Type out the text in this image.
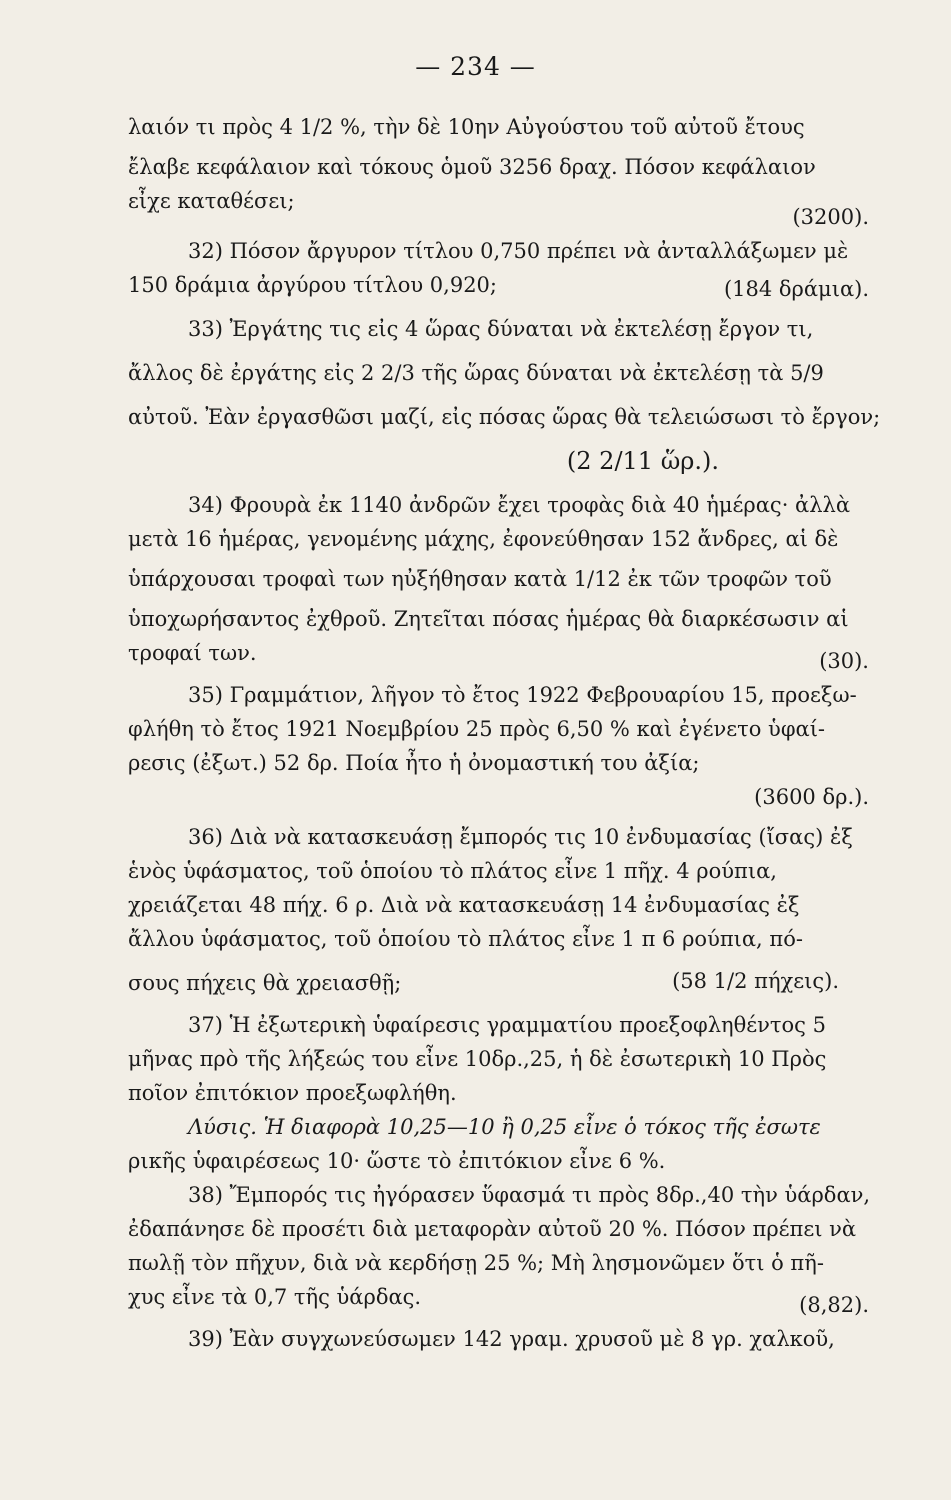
— 234 —
λαιόν τι πρὸς 4 1/2 %, τὴν δὲ 10ην Αὐγούστου τοῦ αὐτοῦ ἔτους
ἔλαβε κεφάλαιον καὶ τόκους ὁμοῦ 3256 δραχ. Πόσον κεφάλαιον
εἶχε καταθέσει;
(3200).
32) Πόσον ἄργυρον τίτλου 0,750 πρέπει νὰ ἀνταλλάξωμεν μὲ
150 δράμια ἀργύρου τίτλου 0,920;	(184 δράμια).
33) Ἐργάτης τις εἰς 4 ὥρας δύναται νὰ ἐκτελέσῃ ἔργον τι,
ἄλλος δὲ ἐργάτης εἰς 2 2/3 τῆς ὥρας δύναται νὰ ἐκτελέσῃ τὰ 5/9
αὐτοῦ. Ἐὰν ἐργασθῶσι μαζί, εἰς πόσας ὥρας θὰ τελειώσωσι τὸ ἔργον;
(2 2/11 ὥρ.).
34) Φρουρὰ ἐκ 1140 ἀνδρῶν ἔχει τροφὰς διὰ 40 ἡμέρας· ἀλλὰ
μετὰ 16 ἡμέρας, γενομένης μάχης, ἐφονεύθησαν 152 ἄνδρες, αἱ δὲ
ὑπάρχουσαι τροφαὶ των ηὐξήθησαν κατὰ 1/12 ἐκ τῶν τροφῶν τοῦ
ὑποχωρήσαντος ἐχθροῦ. Ζητεῖται πόσας ἡμέρας θὰ διαρκέσωσιν αἱ
τροφαί των.	(30).
35) Γραμμάτιον, λῆγον τὸ ἔτος 1922 Φεβρουαρίου 15, προεξω-
φλήθη τὸ ἔτος 1921 Νοεμβρίου 25 πρὸς 6,50 % καὶ ἐγένετο ὑφαί-
ρεσις (ἐξωτ.) 52 δρ. Ποία ἦτο ἡ ὀνομαστική του ἀξία;
(3600 δρ.).
36) Διὰ νὰ κατασκευάσῃ ἔμπορός τις 10 ἐνδυμασίας (ἴσας) ἐξ
ἑνὸς ὑφάσματος, τοῦ ὁποίου τὸ πλάτος εἶνε 1 πῆχ. 4 ρούπια,
χρειάζεται 48 πήχ. 6 ρ. Διὰ νὰ κατασκευάσῃ 14 ἐνδυμασίας ἐξ
ἄλλου ὑφάσματος, τοῦ ὁποίου τὸ πλάτος εἶνε 1 π 6 ρούπια, πό-
σους πήχεις θὰ χρειασθῇ;	(58 1/2 πήχεις).
37) Ἡ ἐξωτερικὴ ὑφαίρεσις γραμματίου προεξοφληθέντος 5
μῆνας πρὸ τῆς λήξεώς του εἶνε 10δρ.,25, ἡ δὲ ἐσωτερικὴ 10 Πρὸς
ποῖον ἐπιτόκιον προεξωφλήθη.
Λύσις. Ἡ διαφορὰ 10,25—10 ἢ 0,25 εἶνε ὁ τόκος τῆς ἐσωτε
ρικῆς ὑφαιρέσεως 10· ὥστε τὸ ἐπιτόκιον εἶνε 6 %.
38) Ἔμπορός τις ἠγόρασεν ὕφασμά τι πρὸς 8δρ.,40 τὴν ὑάρδαν,
ἐδαπάνησε δὲ προσέτι διὰ μεταφορὰν αὐτοῦ 20 %. Πόσον πρέπει νὰ
πωλῇ τὸν πῆχυν, διὰ νὰ κερδήσῃ 25 %; Μὴ λησμονῶμεν ὅτι ὁ πῆ-
χυς εἶνε τὰ 0,7 τῆς ὑάρδας.	(8,82).
39) Ἐὰν συγχωνεύσωμεν 142 γραμ. χρυσοῦ μὲ 8 γρ. χαλκοῦ,
